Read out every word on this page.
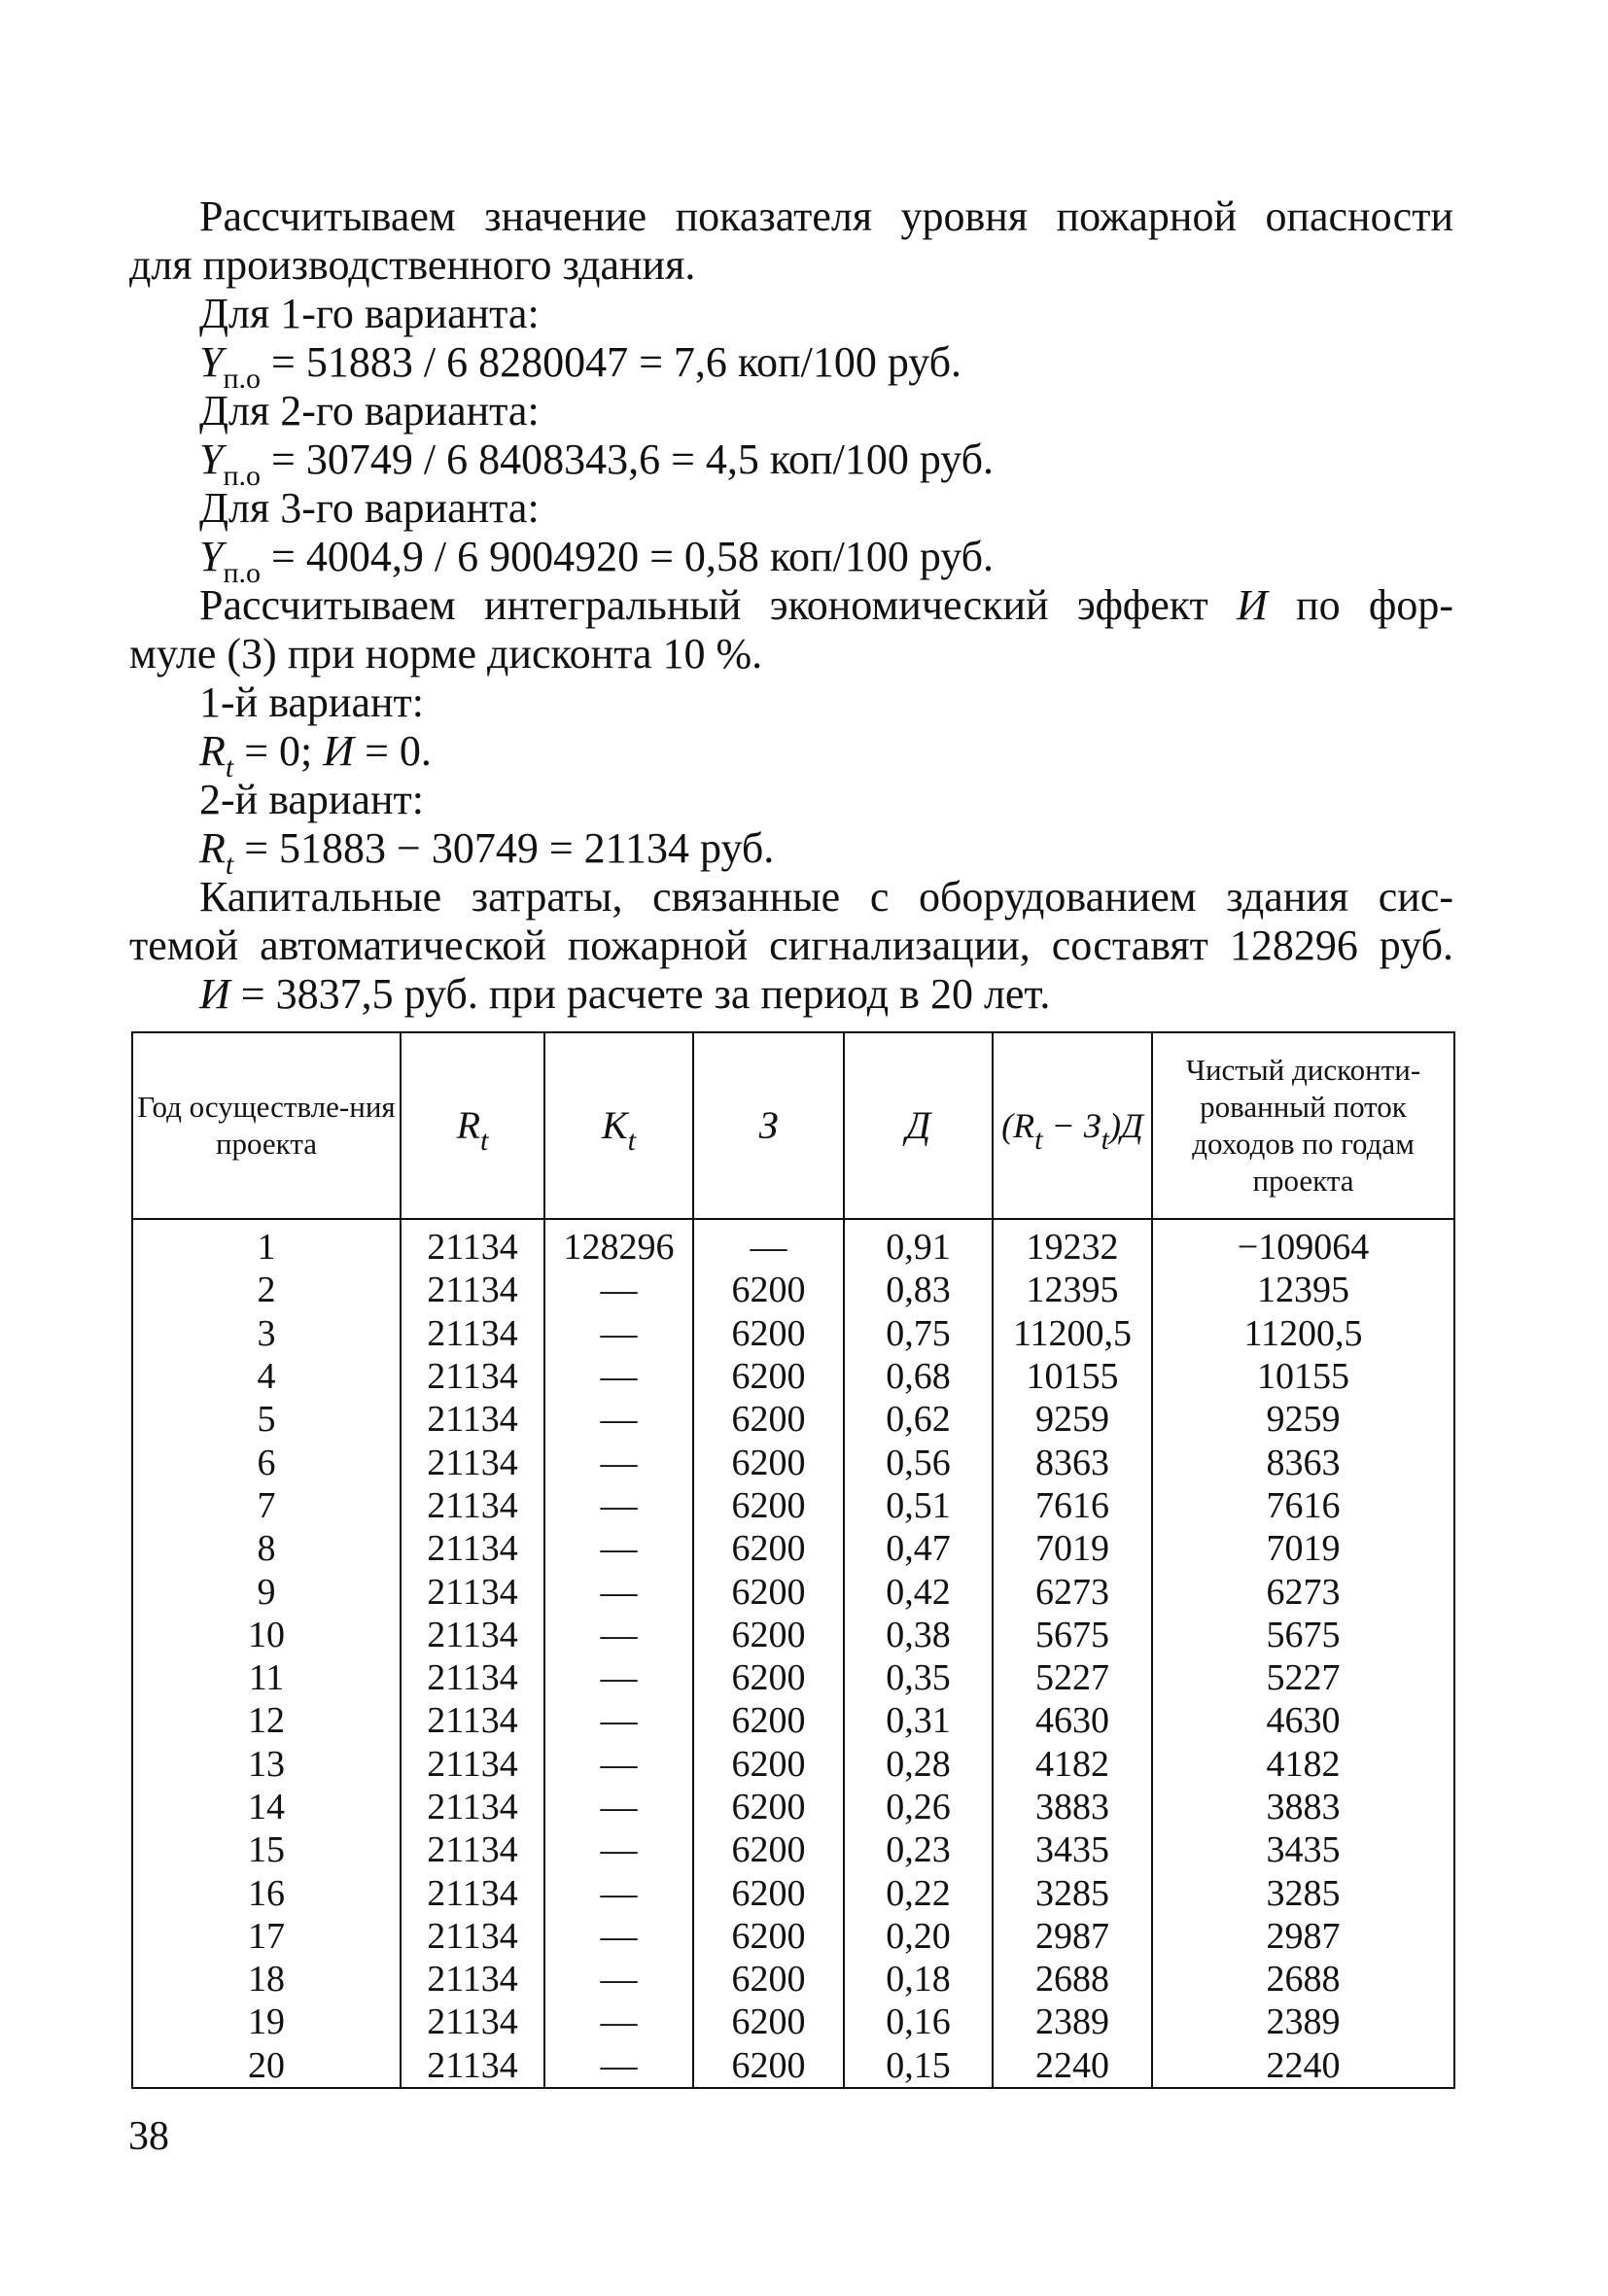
Рассчитываем значение показателя уровня пожарной опасности
для производственного здания.
Для 1-го варианта:
$Y_{п.о} = 51883 / 6$ 8280047 = 7,6 коп/100 руб.
Для 2-го варианта:
$Y_{п.о} = 30749 / 6$ 8408343,6 = 4,5 коп/100 руб.
Для 3-го варианта:
$Y_{п.о} = 4004,9 / 6$ 9004920 = 0,58 коп/100 руб.
Рассчитываем интегральный экономический эффект И по фор-
муле (3) при норме дисконта 10 %.
1-й вариант:
$R_t = 0$; И = 0.
2-й вариант:
$R_t = 51883 - 30749 = 21134$ руб.
Капитальные затраты, связанные с оборудованием здания сис-
темой автоматической пожарной сигнализации, составят 128296 руб.
И = 3837,5 руб. при расчете за период в 20 лет.
Год осуществле-ния проекта	$R_t$	$K_t$	З	Д	$(R_t - З_t)Д$	Чистый дисконти-рованный поток доходов по годам проекта
1	21134	128296	—	0,91	19232	−109064
2	21134	—	6200	0,83	12395	12395
3	21134	—	6200	0,75	11200,5	11200,5
4	21134	—	6200	0,68	10155	10155
5	21134	—	6200	0,62	9259	9259
6	21134	—	6200	0,56	8363	8363
7	21134	—	6200	0,51	7616	7616
8	21134	—	6200	0,47	7019	7019
9	21134	—	6200	0,42	6273	6273
10	21134	—	6200	0,38	5675	5675
11	21134	—	6200	0,35	5227	5227
12	21134	—	6200	0,31	4630	4630
13	21134	—	6200	0,28	4182	4182
14	21134	—	6200	0,26	3883	3883
15	21134	—	6200	0,23	3435	3435
16	21134	—	6200	0,22	3285	3285
17	21134	—	6200	0,20	2987	2987
18	21134	—	6200	0,18	2688	2688
19	21134	—	6200	0,16	2389	2389
20	21134	—	6200	0,15	2240	2240
38
